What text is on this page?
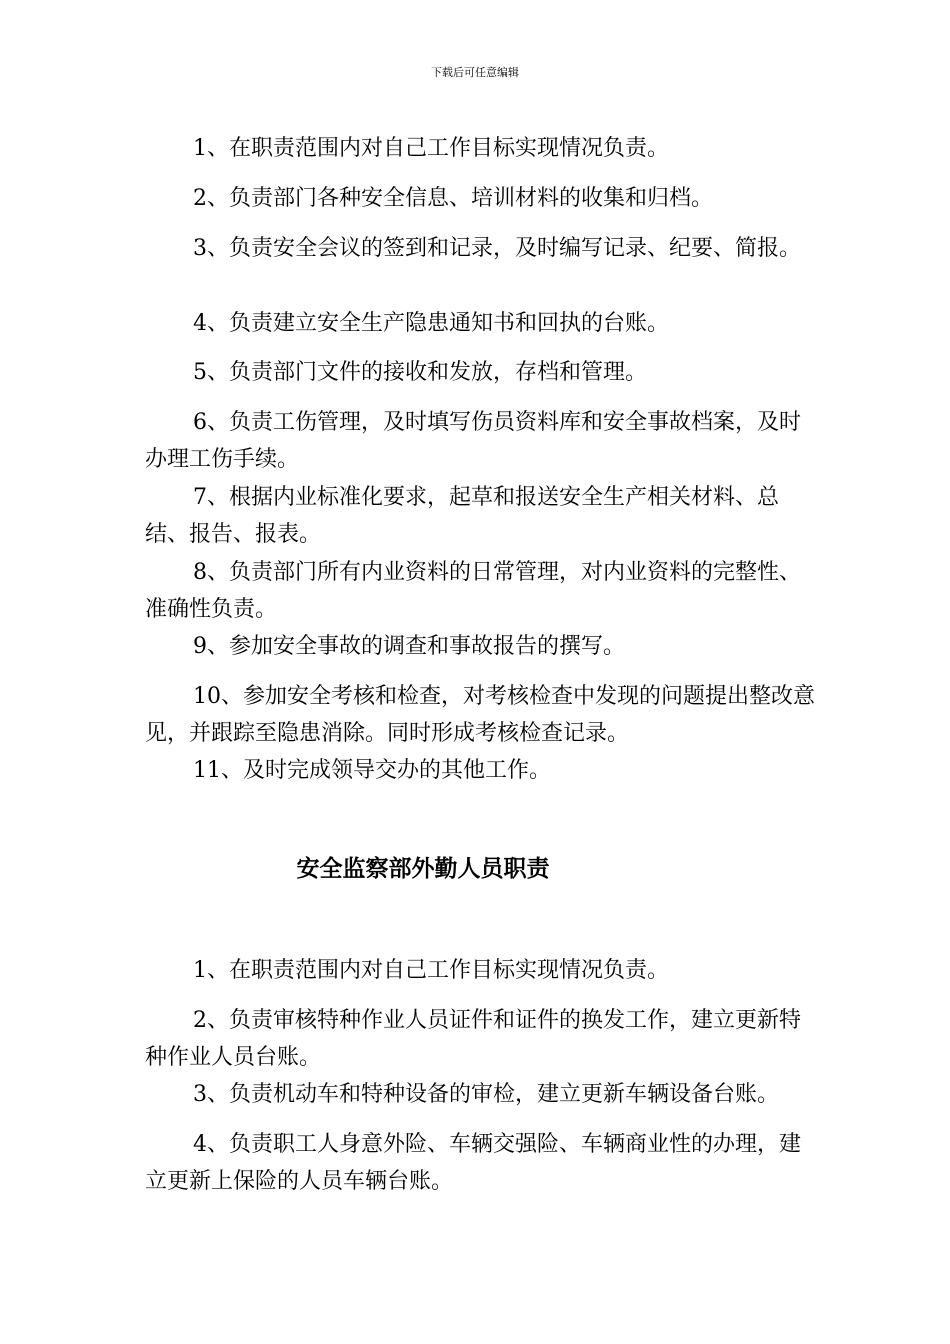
下载后可任意编辑

1、在职责范围内对自己工作目标实现情况负责。

2、负责部门各种安全信息、培训材料的收集和归档。

3、负责安全会议的签到和记录，及时编写记录、纪要、简报。

4、负责建立安全生产隐患通知书和回执的台账。

5、负责部门文件的接收和发放，存档和管理。

6、负责工伤管理，及时填写伤员资料库和安全事故档案，及时办理工伤手续。

7、根据内业标准化要求，起草和报送安全生产相关材料、总结、报告、报表。

8、负责部门所有内业资料的日常管理，对内业资料的完整性、准确性负责。

9、参加安全事故的调查和事故报告的撰写。

10、参加安全考核和检查，对考核检查中发现的问题提出整改意见，并跟踪至隐患消除。同时形成考核检查记录。

11、及时完成领导交办的其他工作。

安全监察部外勤人员职责

1、在职责范围内对自己工作目标实现情况负责。

2、负责审核特种作业人员证件和证件的换发工作，建立更新特种作业人员台账。

3、负责机动车和特种设备的审检，建立更新车辆设备台账。

4、负责职工人身意外险、车辆交强险、车辆商业性的办理，建立更新上保险的人员车辆台账。
